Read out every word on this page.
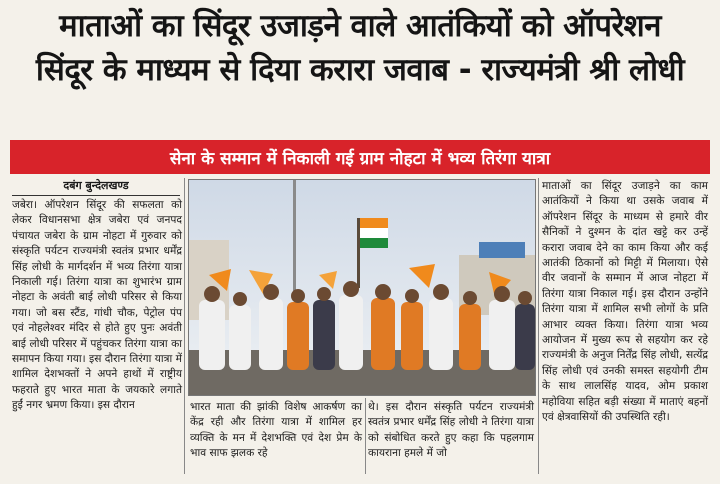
माताओं का सिंदूर उजाड़ने वाले आतंकियों को ऑपरेशन
सिंदूर के माध्यम से दिया करारा जवाब - राज्यमंत्री श्री लोधी
सेना के सम्मान में निकाली गई ग्राम नोहटा में भव्य तिरंगा यात्रा
दबंग बुन्देलखण्ड
जबेरा। ऑपरेशन सिंदूर की सफलता को लेकर विधानसभा क्षेत्र जबेरा एवं जनपद पंचायत जबेरा के ग्राम नोहटा में गुरुवार को संस्कृति पर्यटन राज्यमंत्री स्वतंत्र प्रभार धर्मेंद्र सिंह लोधी के मार्गदर्शन में भव्य तिरंगा यात्रा निकाली गई। तिरंगा यात्रा का शुभारंभ ग्राम नोहटा के अवंती बाई लोधी परिसर से किया गया। जो बस स्टैंड, गांधी चौक, पेट्रोल पंप एवं नोहलेश्वर मंदिर से होते हुए पुनः अवंती बाई लोधी परिसर में पहुंचकर तिरंगा यात्रा का समापन किया गया। इस दौरान तिरंगा यात्रा में शामिल देशभक्तों ने अपने हाथों में राष्ट्रीय फहराते हुए भारत माता के जयकारे लगाते हुईं नगर भ्रमण किया। इस दौरान	भारत माता की झांकी विशेष आकर्षण का केंद्र रही और तिरंगा यात्रा में शामिल हर व्यक्ति के मन में देशभक्ति एवं देश प्रेम के भाव साफ झलक रहे
थे। इस दौरान संस्कृति पर्यटन राज्यमंत्री स्वतंत्र प्रभार धर्मेंद्र सिंह लोधी ने तिरंगा यात्रा को संबोधित करते हुए कहा कि पहलगाम कायराना हमले में जो
माताओं का सिंदूर उजाड़ने का काम आतंकियों ने किया था उसके जवाब में ऑपरेशन सिंदूर के माध्यम से हमारे वीर सैनिकों ने दुश्मन के दांत खट्टे कर उन्हें करारा जवाब देने का काम किया और कई आतंकी ठिकानों को मिट्टी में मिलाया। ऐसे वीर जवानों के सम्मान में आज नोहटा में तिरंगा यात्रा निकाल गई। इस दौरान उन्होंने तिरंगा यात्रा में शामिल सभी लोगों के प्रति आभार व्यक्त किया। तिरंगा यात्रा भव्य आयोजन में मुख्य रूप से सहयोग कर रहे राज्यमंत्री के अनुज निर्तेंद्र सिंह लोधी, सत्येंद्र सिंह लोधी एवं उनकी समस्त सहयोगी टीम के साथ लालसिंह यादव, ओम प्रकाश महोविया सहित बड़ी संख्या में माताएं बहनों एवं क्षेत्रवासियों की उपस्थिति रही।
